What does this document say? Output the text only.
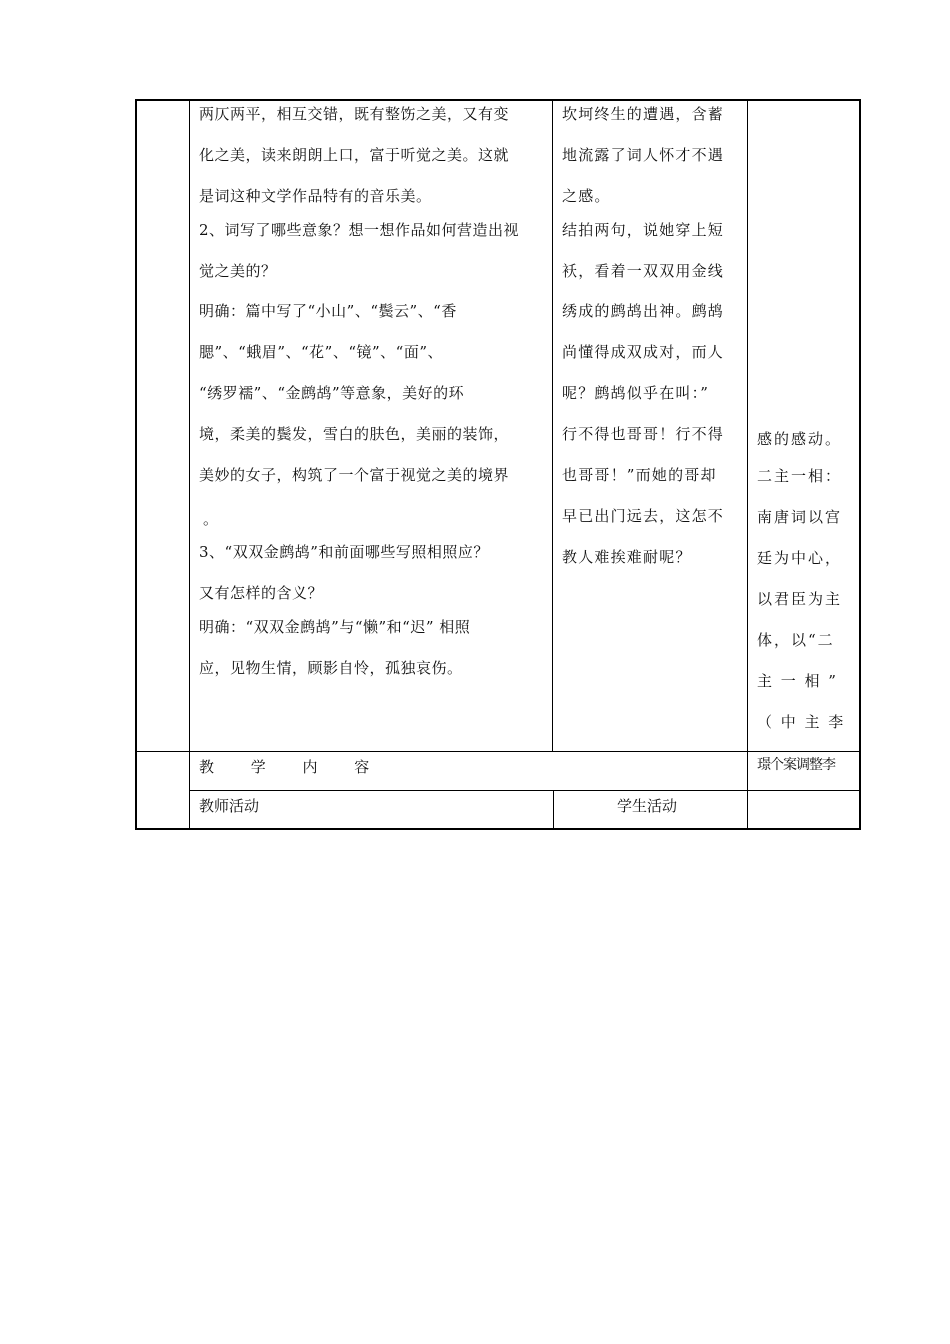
两仄两平，相互交错，既有整饬之美，又有变
化之美，读来朗朗上口，富于听觉之美。这就
是词这种文学作品特有的音乐美。
2、词写了哪些意象？想一想作品如何营造出视
觉之美的？
明确：篇中写了“小山”、“鬓云”、“香
腮”、“蛾眉”、“花”、“镜”、“面”、
“绣罗襦”、“金鹧鸪”等意象，美好的环
境，柔美的鬓发，雪白的肤色，美丽的装饰，
美妙的女子，构筑了一个富于视觉之美的境界
。
3、“双双金鹧鸪”和前面哪些写照相照应？
又有怎样的含义？
明确：“双双金鹧鸪”与“懒”和“迟” 相照
应，见物生情，顾影自怜，孤独哀伤。
坎坷终生的遭遇，含蓄
地流露了词人怀才不遇
之感。
结拍两句，说她穿上短
袄，看着一双双用金线
绣成的鹧鸪出神。鹧鸪
尚懂得成双成对，而人
呢？鹧鸪似乎在叫：”
行不得也哥哥！行不得
也哥哥！”而她的哥却
早已出门远去，这怎不
教人难挨难耐呢？
感的感动。
二主一相：
南唐词以宫
廷为中心，
以君臣为主
体，以“二
主 一 相 ”
（ 中 主 李
教 学 内 容	璟个案调整李
教师活动	学生活动
